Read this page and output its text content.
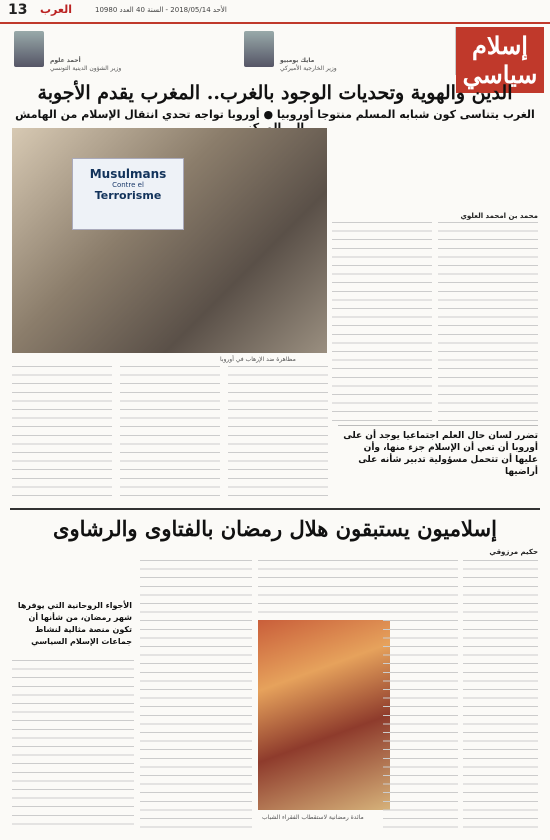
13 العرب	الأحد 2018/05/14 - السنة 40 العدد 10980
إسلام سياسي
مايك بومبيو
وزير الخارجية الأميركي
أحمد علوم
وزير الشؤون الدينية التونسي
الدين والهوية وتحديات الوجود بالغرب.. المغرب يقدم الأجوبة
الغرب يتناسى كون شبابه المسلم منتوجا أوروبيا ● أوروبا تواجه تحدي انتقال الإسلام من الهامش
Musulmans
Contre el
Terrorisme
مظاهرة ضد الإرهاب في أوروبا
محمد بن امحمد العلوي
تضرر لسان حال العلم اجتماعيا يوجد أن على أوروبا أن تعي أن الإسلام جزء منها، وأن عليها أن تتحمل مسؤولية تدبير شأنه على أراضيها
إسلاميون يستبقون هلال رمضان بالفتاوى والرشاوى
حكيم مرزوقي
الأجواء الروحانية التي يوفرها شهر رمضان، من شأنها أن تكون منصة مثالية لنشاط جماعات الإسلام السياسي
مائدة رمضانية لاستقطاب الفقراء الشباب
